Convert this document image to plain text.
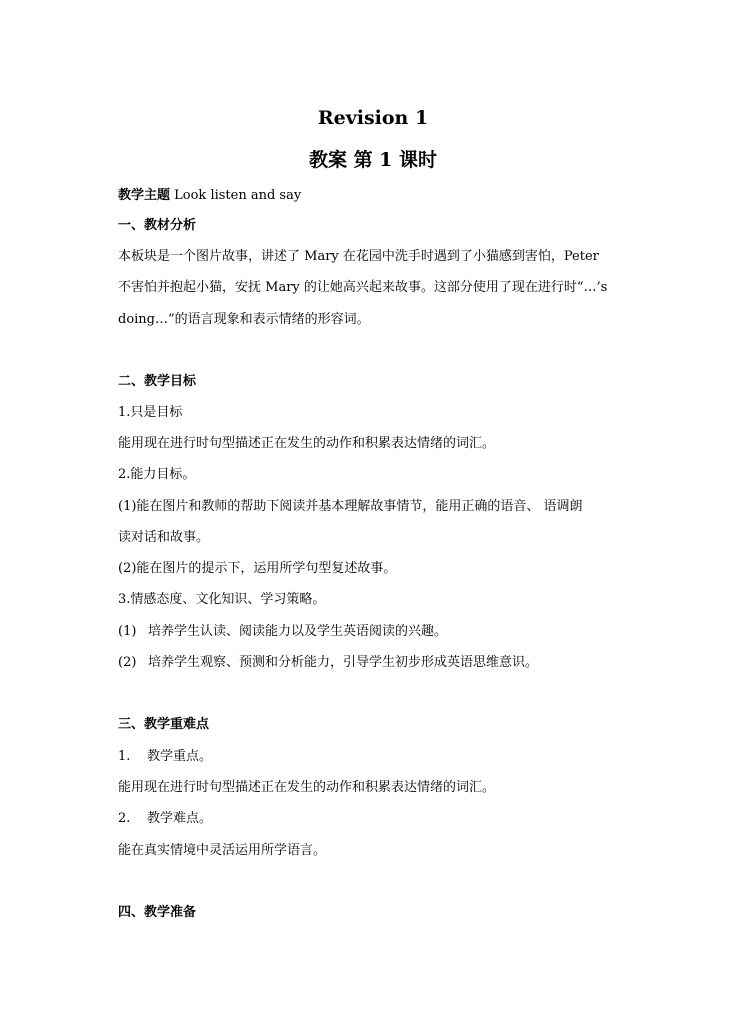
Revision 1
教案 第 1 课时
教学主题 Look listen and say
一、教材分析
本板块是一个图片故事，讲述了 Mary 在花园中洗手时遇到了小猫感到害怕，Peter
不害怕并抱起小猫，安抚 Mary 的让她高兴起来故事。这部分使用了现在进行时“…’s
doing…”的语言现象和表示情绪的形容词。
二、教学目标
1.只是目标
能用现在进行时句型描述正在发生的动作和积累表达情绪的词汇。
2.能力目标。
(1)能在图片和教师的帮助下阅读并基本理解故事情节，能用正确的语音、 语调朗
读对话和故事。
(2)能在图片的提示下，运用所学句型复述故事。
3.情感态度、文化知识、学习策略。
(1) 培养学生认读、阅读能力以及学生英语阅读的兴趣。
(2) 培养学生观察、预测和分析能力，引导学生初步形成英语思维意识。
三、教学重难点
1. 教学重点。
能用现在进行时句型描述正在发生的动作和积累表达情绪的词汇。
2. 教学难点。
能在真实情境中灵活运用所学语言。
四、教学准备
